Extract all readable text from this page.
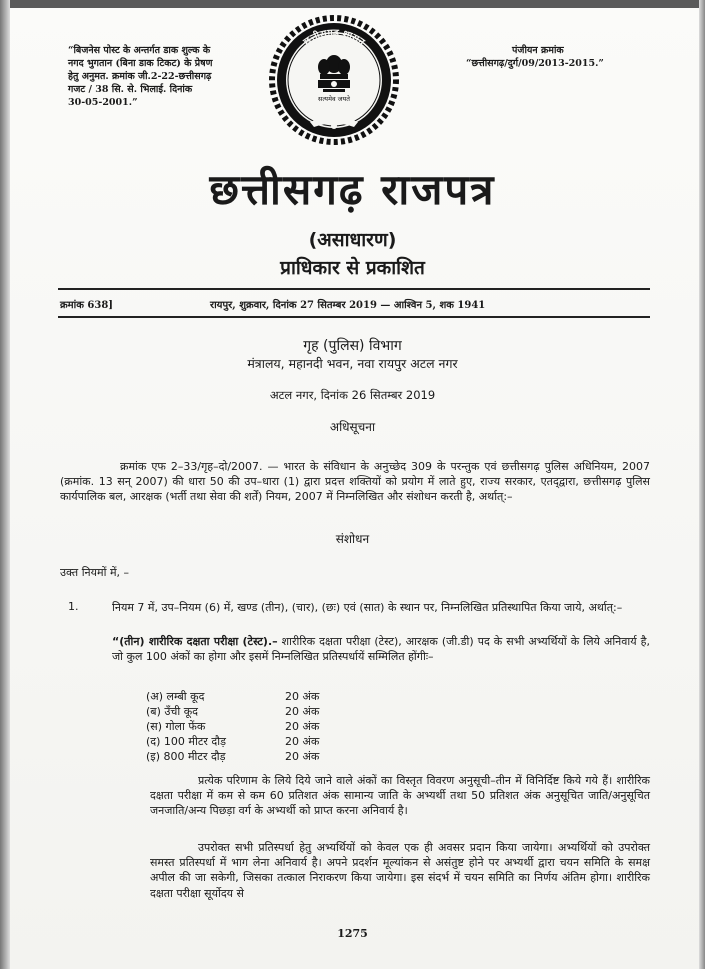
“बिजनेस पोस्ट के अन्तर्गत डाक शुल्क के
नगद भुगतान (बिना डाक टिकट) के प्रेषण
हेतु अनुमत. क्रमांक जी.2-22-छत्तीसगढ़
गजट / 38 सि. से. भिलाई. दिनांक
30-05-2001.”
पंजीयन क्रमांक
“छत्तीसगढ़/दुर्ग/09/2013-2015.”
छत्तीसगढ़ शासन
सत्यमेव जयते
छत्तीसगढ़ राजपत्र
(असाधारण)
प्राधिकार से प्रकाशित
क्रमांक 638]	रायपुर, शुक्रवार, दिनांक 27 सितम्बर 2019 — आश्विन 5, शक 1941
गृह (पुलिस) विभाग
मंत्रालय, महानदी भवन, नवा रायपुर अटल नगर
अटल नगर, दिनांक 26 सितम्बर 2019
अधिसूचना
क्रमांक एफ 2–33/गृह–दो/2007. — भारत के संविधान के अनुच्छेद 309 के परन्तुक एवं छत्तीसगढ़ पुलिस अधिनियम, 2007 (क्रमांक. 13 सन् 2007) की धारा 50 की उप–धारा (1) द्वारा प्रदत्त शक्तियों को प्रयोग में लाते हुए, राज्य सरकार, एतद्‌द्वारा, छत्तीसगढ़ पुलिस कार्यपालिक बल, आरक्षक (भर्ती तथा सेवा की शर्तें) नियम, 2007 में निम्नलिखित और संशोधन करती है, अर्थात्:–
संशोधन
उक्त नियमों में, –
1.	नियम 7 में, उप–नियम (6) में, खण्ड (तीन), (चार), (छः) एवं (सात) के स्थान पर, निम्नलिखित प्रतिस्थापित किया जाये, अर्थात्:–
“(तीन) शारीरिक दक्षता परीक्षा (टेस्ट).– शारीरिक दक्षता परीक्षा (टेस्ट), आरक्षक (जी.डी) पद के सभी अभ्यर्थियों के लिये अनिवार्य है, जो कुल 100 अंकों का होगा और इसमें निम्नलिखित प्रतिस्पर्धायें सम्मिलित होंगीः–
(अ) लम्बी कूद	20 अंक
(ब) उँची कूद	20 अंक
(स) गोला फेंक	20 अंक
(द) 100 मीटर दौड़	20 अंक
(इ) 800 मीटर दौड़	20 अंक
प्रत्येक परिणाम के लिये दिये जाने वाले अंकों का विस्तृत विवरण अनुसूची–तीन में विनिर्दिष्ट किये गये हैं। शारीरिक दक्षता परीक्षा में कम से कम 60 प्रतिशत अंक सामान्य जाति के अभ्यर्थी तथा 50 प्रतिशत अंक अनुसूचित जाति/अनुसूचित जनजाति/अन्य पिछड़ा वर्ग के अभ्यर्थी को प्राप्त करना अनिवार्य है।
उपरोक्त सभी प्रतिस्पर्धा हेतु अभ्यर्थियों को केवल एक ही अवसर प्रदान किया जायेगा। अभ्यर्थियों को उपरोक्त समस्त प्रतिस्पर्धा में भाग लेना अनिवार्य है। अपने प्रदर्शन मूल्यांकन से असंतुष्ट होने पर अभ्यर्थी द्वारा चयन समिति के समक्ष अपील की जा सकेगी, जिसका तत्काल निराकरण किया जायेगा। इस संदर्भ में चयन समिति का निर्णय अंतिम होगा। शारीरिक दक्षता परीक्षा सूर्योदय से
1275
